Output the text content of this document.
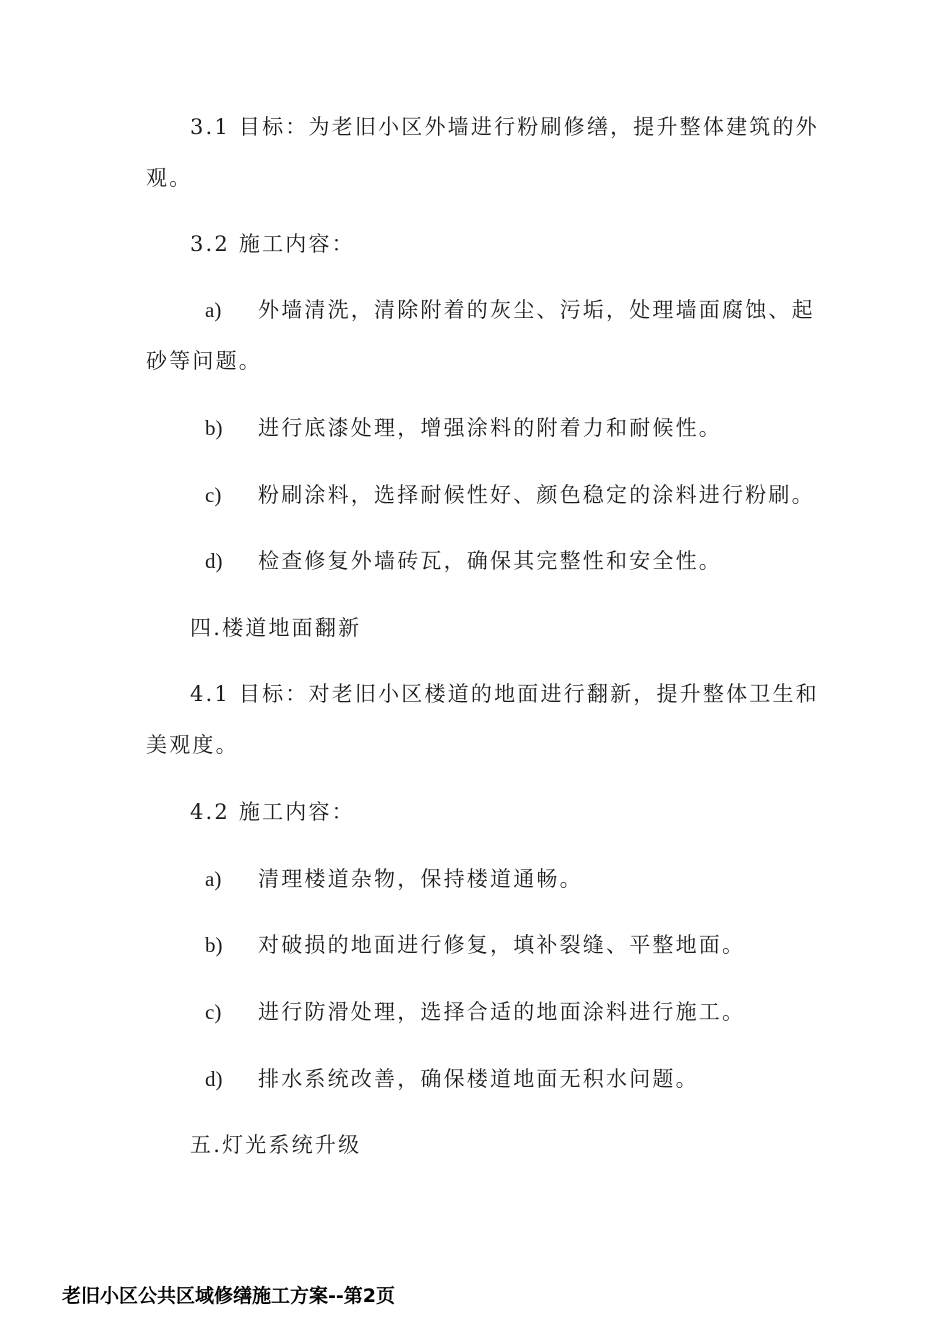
3.1 目标：为老旧小区外墙进行粉刷修缮，提升整体建筑的外
观。
3.2 施工内容：
a) 外墙清洗，清除附着的灰尘、污垢，处理墙面腐蚀、起
砂等问题。
b) 进行底漆处理，增强涂料的附着力和耐候性。
c) 粉刷涂料，选择耐候性好、颜色稳定的涂料进行粉刷。
d) 检查修复外墙砖瓦，确保其完整性和安全性。
四.楼道地面翻新
4.1 目标：对老旧小区楼道的地面进行翻新，提升整体卫生和
美观度。
4.2 施工内容：
a) 清理楼道杂物，保持楼道通畅。
b) 对破损的地面进行修复，填补裂缝、平整地面。
c) 进行防滑处理，选择合适的地面涂料进行施工。
d) 排水系统改善，确保楼道地面无积水问题。
五.灯光系统升级
老旧小区公共区域修缮施工方案--第2页
